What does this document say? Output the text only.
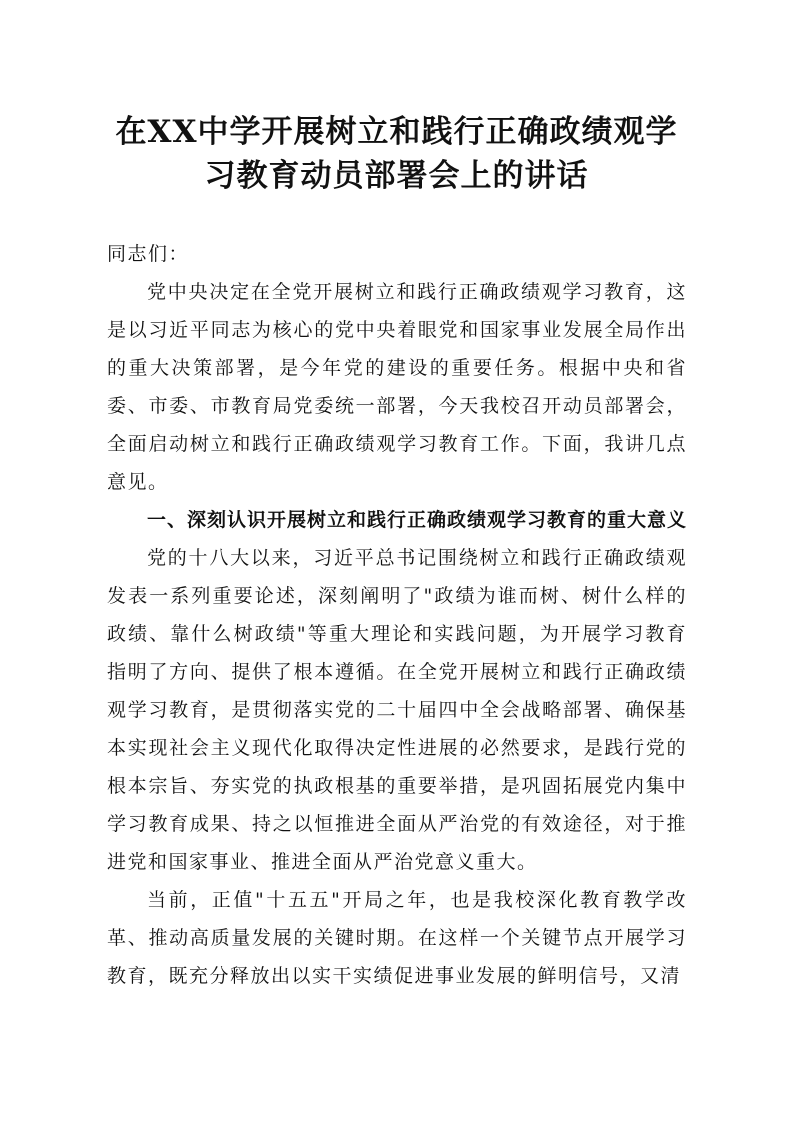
在XX中学开展树立和践行正确政绩观学
习教育动员部署会上的讲话

同志们：

党中央决定在全党开展树立和践行正确政绩观学习教育，这是以习近平同志为核心的党中央着眼党和国家事业发展全局作出的重大决策部署，是今年党的建设的重要任务。根据中央和省委、市委、市教育局党委统一部署，今天我校召开动员部署会，全面启动树立和践行正确政绩观学习教育工作。下面，我讲几点意见。

一、深刻认识开展树立和践行正确政绩观学习教育的重大意义

党的十八大以来，习近平总书记围绕树立和践行正确政绩观发表一系列重要论述，深刻阐明了"政绩为谁而树、树什么样的政绩、靠什么树政绩"等重大理论和实践问题，为开展学习教育指明了方向、提供了根本遵循。在全党开展树立和践行正确政绩观学习教育，是贯彻落实党的二十届四中全会战略部署、确保基本实现社会主义现代化取得决定性进展的必然要求，是践行党的根本宗旨、夯实党的执政根基的重要举措，是巩固拓展党内集中学习教育成果、持之以恒推进全面从严治党的有效途径，对于推进党和国家事业、推进全面从严治党意义重大。

当前，正值"十五五"开局之年，也是我校深化教育教学改革、推动高质量发展的关键时期。在这样一个关键节点开展学习教育，既充分释放出以实干实绩促进事业发展的鲜明信号，又清
